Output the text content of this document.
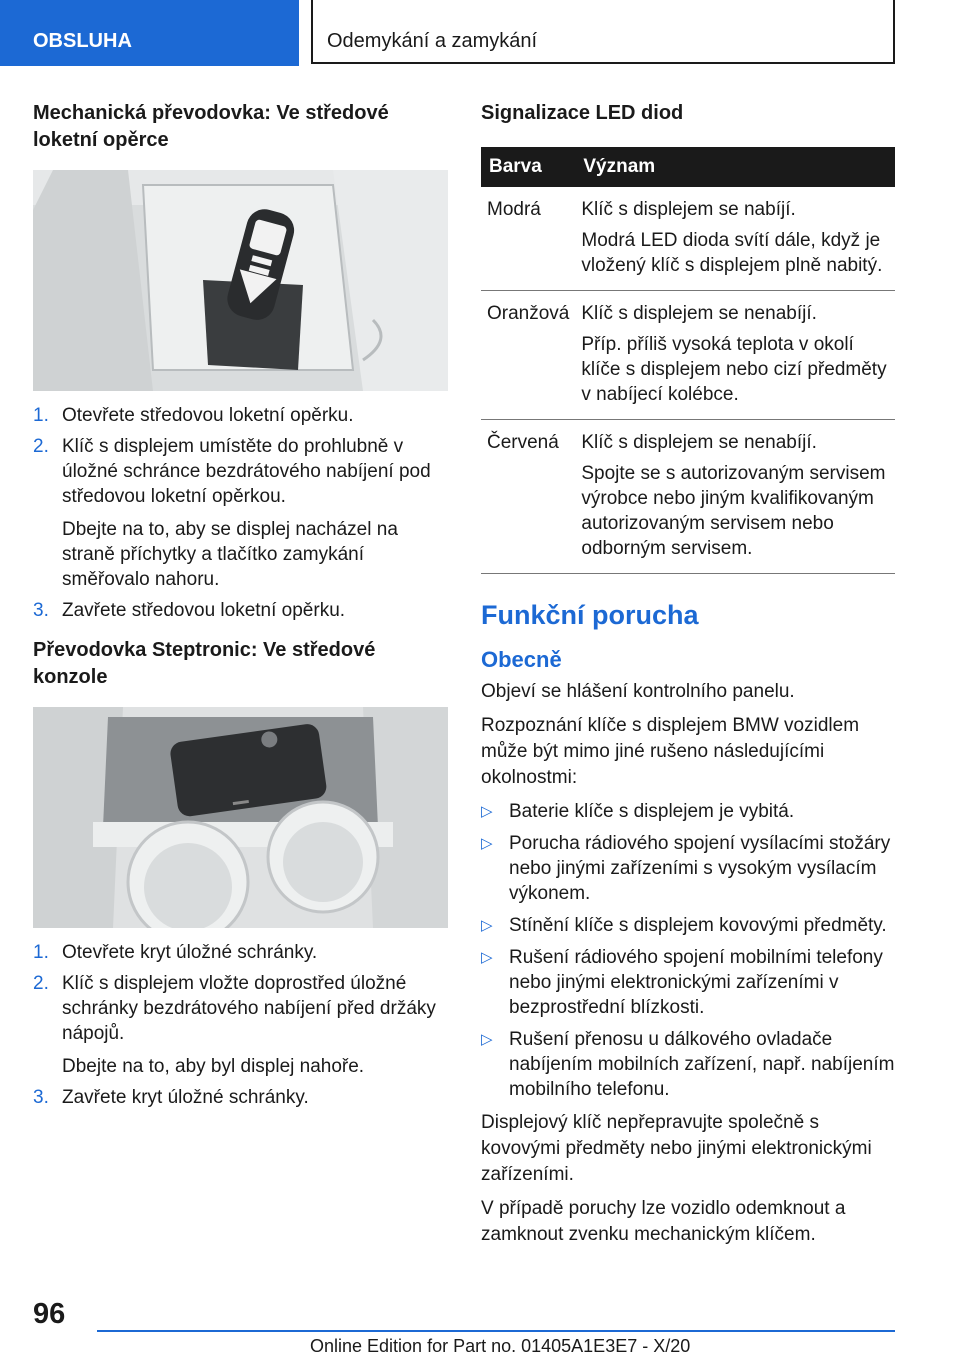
OBSLUHA	Odemykání a zamykání
Mechanická převodovka: Ve středové loketní opěrce
1. Otevřete středovou loketní opěrku.
2. Klíč s displejem umístěte do prohlubně v úložné schránce bezdrátového nabíjení pod středovou loketní opěrkou.
Dbejte na to, aby se displej nacházel na straně příchytky a tlačítko zamykání směřovalo nahoru.
3. Zavřete středovou loketní opěrku.
Převodovka Steptronic: Ve středové konzole
1. Otevřete kryt úložné schránky.
2. Klíč s displejem vložte doprostřed úložné schránky bezdrátového nabíjení před držáky nápojů.
Dbejte na to, aby byl displej nahoře.
3. Zavřete kryt úložné schránky.
Signalizace LED diod
Barva	Význam
Modrá	Klíč s displejem se nabíjí.
Modrá LED dioda svítí dále, když je vložený klíč s displejem plně nabitý.

Oranžová	Klíč s displejem se nenabíjí.
Příp. příliš vysoká teplota v okolí klíče s displejem nebo cizí předměty v nabíjecí kolébce.

Červená	Klíč s displejem se nenabíjí.
Spojte se s autorizovaným servisem výrobce nebo jiným kvalifikovaným autorizovaným servisem nebo odborným servisem.
Funkční porucha
Obecně

Objeví se hlášení kontrolního panelu.

Rozpoznání klíče s displejem BMW vozidlem může být mimo jiné rušeno následujícími okolnostmi:

▷ Baterie klíče s displejem je vybitá.
▷ Porucha rádiového spojení vysílacími stožáry nebo jinými zařízeními s vysokým vysílacím výkonem.
▷ Stínění klíče s displejem kovovými předměty.
▷ Rušení rádiového spojení mobilními telefony nebo jinými elektronickými zařízeními v bezprostřední blízkosti.
▷ Rušení přenosu u dálkového ovladače nabíjením mobilních zařízení, např. nabíjením mobilního telefonu.

Displejový klíč nepřepravujte společně s kovovými předměty nebo jinými elektronickými zařízeními.

V případě poruchy lze vozidlo odemknout a zamknout zvenku mechanickým klíčem.

96
Online Edition for Part no. 01405A1E3E7 - X/20
